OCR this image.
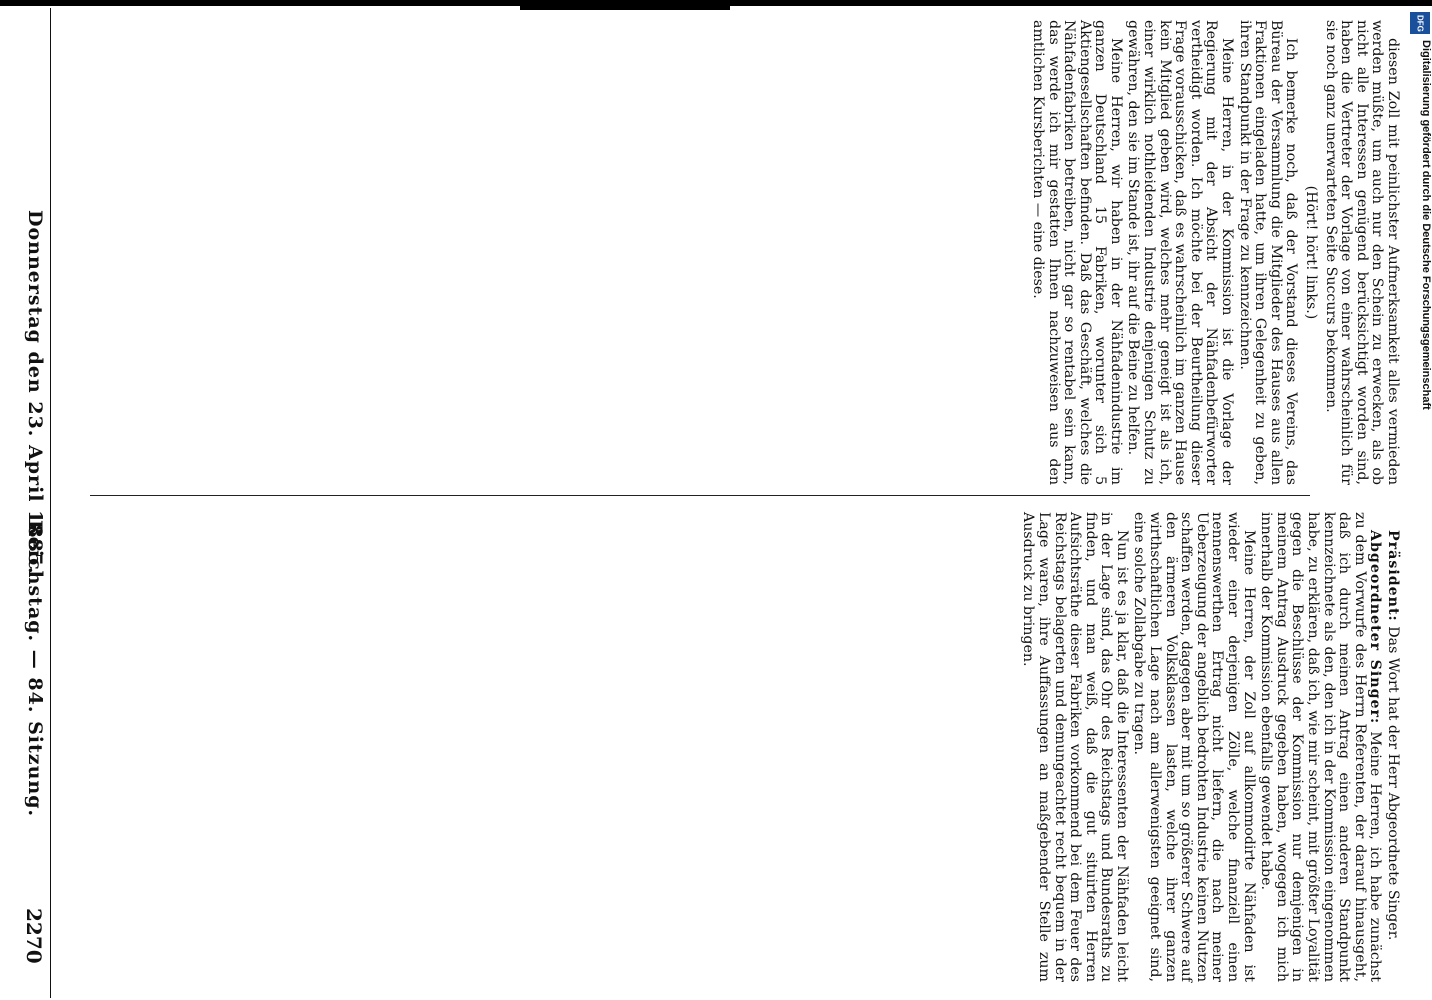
Reichstag. — 84. Sitzung.
2270
Donnerstag den 23. April 1885.

Präsident: Das Wort hat der Herr Abgeordnete Singer.

Abgeordneter Singer: Meine Herren, ich habe zunächst zu dem Vorwurfe des Herrn Referenten, der darauf hinausgeht, daß ich durch meinen Antrag einen anderen Standpunkt kennzeichnete als den, den ich in der Kommission eingenommen habe, zu erklären, daß ich, wie mir scheint, mit größter Loyalität gegen die Beschlüsse der Kommission nur demjenigen in meinem Antrag Ausdruck gegeben haben, wogegen ich mich innerhalb der Kommission ebenfalls gewendet habe.

Meine Herren, der Zoll auf allkommodirte Nähfaden ist wieder einer derjenigen Zölle, welche finanziell einen nennenswerthen Ertrag nicht liefern, die nach meiner Ueberzeugung der angeblich bedrohten Industrie keinen Nutzen schaffen werden, dagegen aber mit um so größerer Schwere auf den ärmeren Volksklassen lasten, welche ihrer ganzen wirthschaftlichen Lage nach am allerwenigsten geeignet sind, eine solche Zollabgabe zu tragen.

Nun ist es ja klar, daß die Interessenten der Nähfaden leicht in der Lage sind, das Ohr des Reichstags und Bundesraths zu finden, und man weiß, daß die gut situirten Herren Aufsichtsräthe dieser Fabriken vorkommend bei dem Feuer des Reichstags belagerten und demungeachtet recht bequem in der Lage waren, ihre Auffassungen an maßgebender Stelle zum Ausdruck zu bringen.

diesen Zoll mit peinlichster Aufmerksamkeit alles vermieden werden müßte, um auch nur den Schein zu erwecken, als ob nicht alle Interessen genügend berücksichtigt worden sind, haben die Vertreter der Vorlage von einer wahrscheinlich für sie noch ganz unerwarteten Seite Succurs bekommen.

(Hört! hört! links.)

Ich bemerke noch, daß der Vorstand dieses Vereins, das Büreau der Versammlung die Mitglieder des Hauses aus allen Fraktionen eingeladen hatte, um ihren Gelegenheit zu geben, ihren Standpunkt in der Frage zu kennzeichnen.

Meine Herren, in der Kommission ist die Vorlage der Regierung mit der Absicht der Nähfadenbefürworter vertheidigt worden. Ich möchte bei der Beurtheilung dieser Frage vorausschicken, daß es wahrscheinlich im ganzen Hause kein Mitglied geben wird, welches mehr geneigt ist als ich, einer wirklich nothleidenden Industrie denjenigen Schutz zu gewähren, den sie im Stande ist, ihr auf die Beine zu helfen.

Meine Herren, wir haben in der Nähfadenindustrie im ganzen Deutschland 15 Fabriken, worunter sich 5 Aktiengesellschaften befinden. Daß das Geschäft, welches die Nähfadenfabriken betreiben, nicht gar so rentabel sein kann, das werde ich mir gestatten Ihnen nachzuweisen aus den amtlichen Kursberichten — eine diese.	DFG
Digitalisierung gefördert durch die Deutsche Forschungsgemeinschaft
